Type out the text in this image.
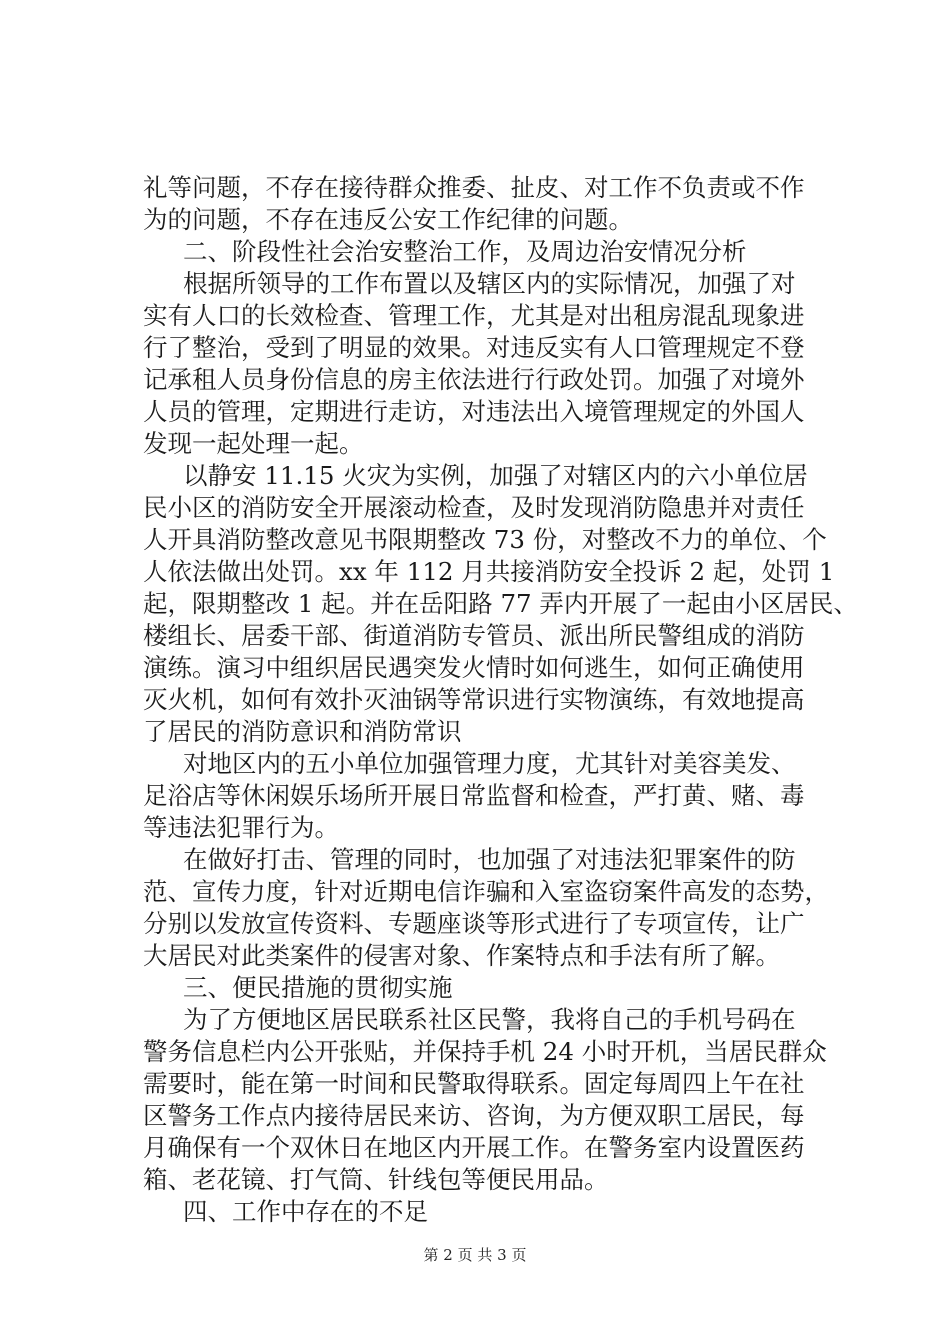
礼等问题，不存在接待群众推委、扯皮、对工作不负责或不作
为的问题，不存在违反公安工作纪律的问题。
二、阶段性社会治安整治工作，及周边治安情况分析
根据所领导的工作布置以及辖区内的实际情况，加强了对
实有人口的长效检查、管理工作，尤其是对出租房混乱现象进
行了整治，受到了明显的效果。对违反实有人口管理规定不登
记承租人员身份信息的房主依法进行行政处罚。加强了对境外
人员的管理，定期进行走访，对违法出入境管理规定的外国人
发现一起处理一起。
以静安 11.15 火灾为实例，加强了对辖区内的六小单位居
民小区的消防安全开展滚动检查，及时发现消防隐患并对责任
人开具消防整改意见书限期整改 73 份，对整改不力的单位、个
人依法做出处罚。xx 年 112 月共接消防安全投诉 2 起，处罚 1
起，限期整改 1 起。并在岳阳路 77 弄内开展了一起由小区居民、
楼组长、居委干部、街道消防专管员、派出所民警组成的消防
演练。演习中组织居民遇突发火情时如何逃生，如何正确使用
灭火机，如何有效扑灭油锅等常识进行实物演练，有效地提高
了居民的消防意识和消防常识
对地区内的五小单位加强管理力度，尤其针对美容美发、
足浴店等休闲娱乐场所开展日常监督和检查，严打黄、赌、毒
等违法犯罪行为。
在做好打击、管理的同时，也加强了对违法犯罪案件的防
范、宣传力度，针对近期电信诈骗和入室盗窃案件高发的态势，
分别以发放宣传资料、专题座谈等形式进行了专项宣传，让广
大居民对此类案件的侵害对象、作案特点和手法有所了解。
三、便民措施的贯彻实施
为了方便地区居民联系社区民警，我将自己的手机号码在
警务信息栏内公开张贴，并保持手机 24 小时开机，当居民群众
需要时，能在第一时间和民警取得联系。固定每周四上午在社
区警务工作点内接待居民来访、咨询，为方便双职工居民，每
月确保有一个双休日在地区内开展工作。在警务室内设置医药
箱、老花镜、打气筒、针线包等便民用品。
四、工作中存在的不足
第 2 页 共 3 页
